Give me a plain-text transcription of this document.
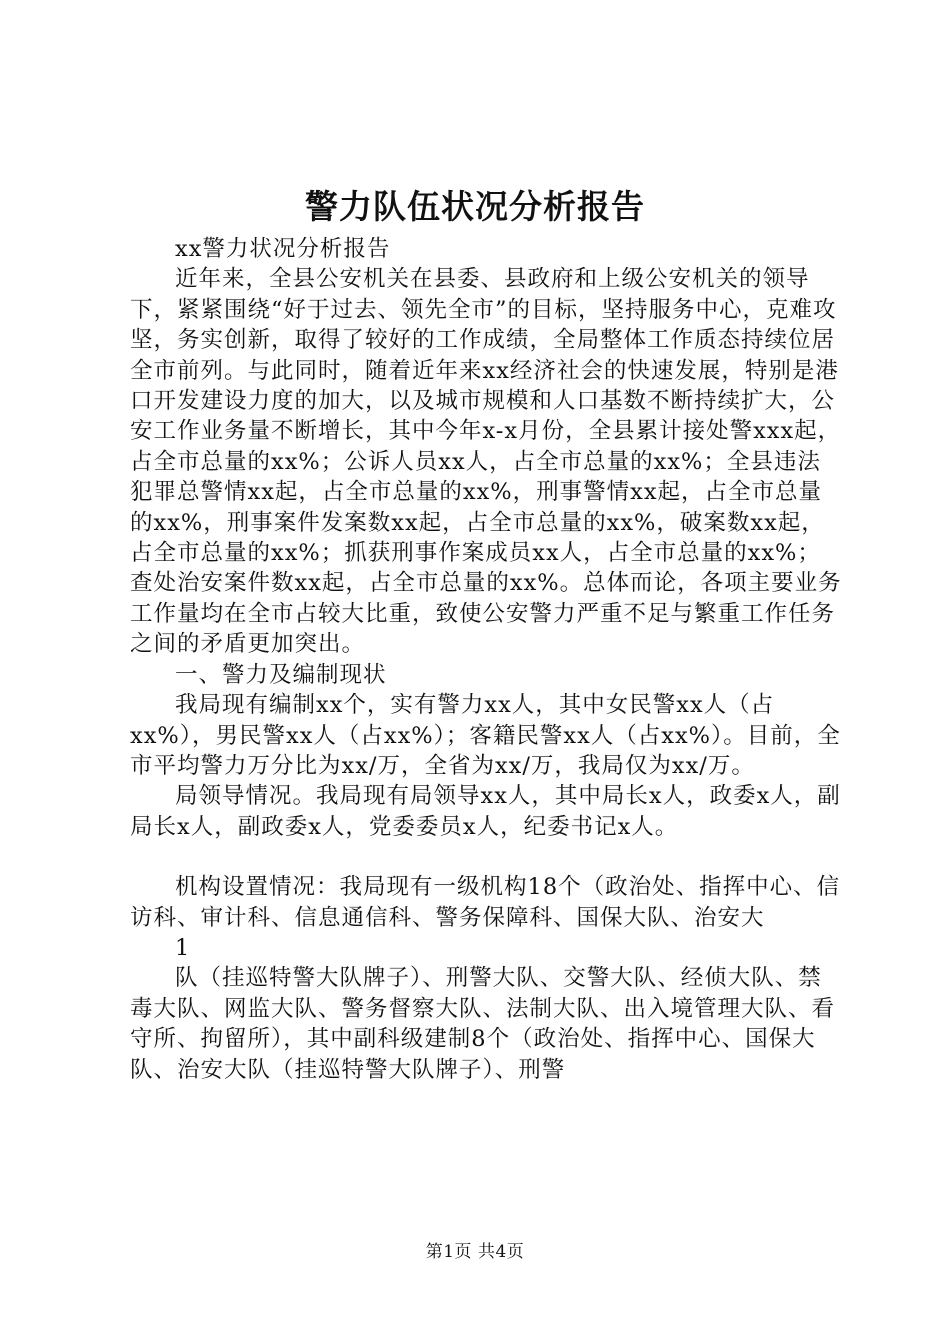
警力队伍状况分析报告

xx警力状况分析报告

近年来，全县公安机关在县委、县政府和上级公安机关的领导下，紧紧围绕“好于过去、领先全市”的目标，坚持服务中心，克难攻坚，务实创新，取得了较好的工作成绩，全局整体工作质态持续位居全市前列。与此同时，随着近年来xx经济社会的快速发展，特别是港口开发建设力度的加大，以及城市规模和人口基数不断持续扩大，公安工作业务量不断增长，其中今年x-x月份，全县累计接处警xxx起，占全市总量的xx%；公诉人员xx人，占全市总量的xx%；全县违法犯罪总警情xx起，占全市总量的xx%，刑事警情xx起，占全市总量的xx%，刑事案件发案数xx起，占全市总量的xx%，破案数xx起，占全市总量的xx%；抓获刑事作案成员xx人，占全市总量的xx%；查处治安案件数xx起，占全市总量的xx%。总体而论，各项主要业务工作量均在全市占较大比重，致使公安警力严重不足与繁重工作任务之间的矛盾更加突出。

一、警力及编制现状

我局现有编制xx个，实有警力xx人，其中女民警xx人（占xx%），男民警xx人（占xx%）；客籍民警xx人（占xx%）。目前，全市平均警力万分比为xx/万，全省为xx/万，我局仅为xx/万。

局领导情况。我局现有局领导xx人，其中局长x人，政委x人，副局长x人，副政委x人，党委委员x人，纪委书记x人。

机构设置情况：我局现有一级机构18个（政治处、指挥中心、信访科、审计科、信息通信科、警务保障科、国保大队、治安大

1

队（挂巡特警大队牌子）、刑警大队、交警大队、经侦大队、禁毒大队、网监大队、警务督察大队、法制大队、出入境管理大队、看守所、拘留所），其中副科级建制8个（政治处、指挥中心、国保大队、治安大队（挂巡特警大队牌子）、刑警

第1页 共4页
